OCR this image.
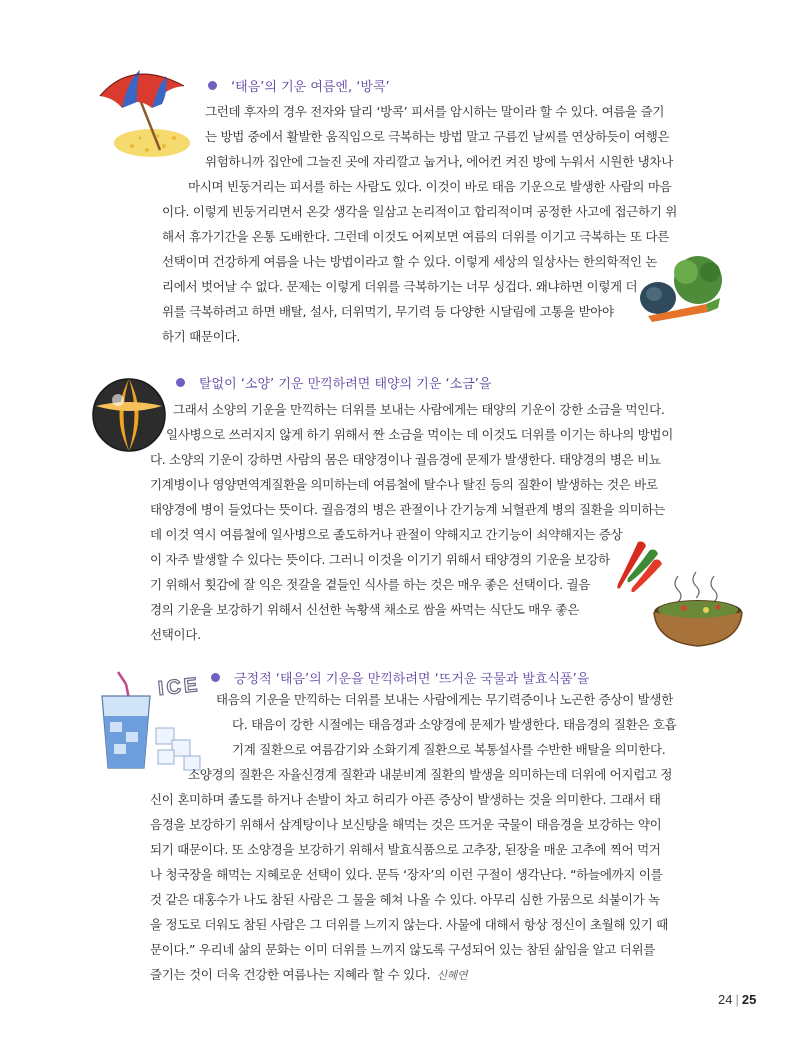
‘태음’의 기운 여름엔, ‘방콕’
그런데 후자의 경우 전자와 달리 ‘방콕’ 피서를 암시하는 말이라 할 수 있다. 여름을 즐기
는 방법 중에서 활발한 움직임으로 극복하는 방법 말고 구름낀 날씨를 연상하듯이 여행은
위험하니까 집안에 그늘진 곳에 자리깔고 눕거나, 에어컨 켜진 방에 누워서 시원한 냉차나
마시며 빈둥거리는 피서를 하는 사람도 있다. 이것이 바로 태음 기운으로 발생한 사람의 마음
이다. 이렇게 빈둥거리면서 온갖 생각을 일삼고 논리적이고 합리적이며 공정한 사고에 접근하기 위
해서 휴가기간을 온통 도배한다. 그런데 이것도 어찌보면 여름의 더위를 이기고 극복하는 또 다른
선택이며 건강하게 여름을 나는 방법이라고 할 수 있다. 이렇게 세상의 일상사는 한의학적인 논
리에서 벗어날 수 없다. 문제는 이렇게 더위를 극복하기는 너무 싱겁다. 왜냐하면 이렇게 더
위를 극복하려고 하면 배탈, 설사, 더위먹기, 무기력 등 다양한 시달림에 고통을 받아야
하기 때문이다.
탈없이 ‘소양’ 기운 만끽하려면 태양의 기운 ‘소금’을
그래서 소양의 기운을 만끽하는 더위를 보내는 사람에게는 태양의 기운이 강한 소금을 먹인다.
일사병으로 쓰러지지 않게 하기 위해서 짠 소금을 먹이는 데 이것도 더위를 이기는 하나의 방법이
다. 소양의 기운이 강하면 사람의 몸은 태양경이나 궐음경에 문제가 발생한다. 태양경의 병은 비뇨
기계병이나 영양면역계질환을 의미하는데 여름철에 탈수나 탈진 등의 질환이 발생하는 것은 바로
태양경에 병이 들었다는 뜻이다. 궐음경의 병은 관절이나 간기능계 뇌혈관계 병의 질환을 의미하는
데 이것 역시 여름철에 일사병으로 졸도하거나 관절이 약해지고 간기능이 쇠약해지는 증상
이 자주 발생할 수 있다는 뜻이다. 그러니 이것을 이기기 위해서 태양경의 기운을 보강하
기 위해서 횟감에 잘 익은 젓갈을 곁들인 식사를 하는 것은 매우 좋은 선택이다. 궐음
경의 기운을 보강하기 위해서 신선한 녹황색 채소로 쌈을 싸먹는 식단도 매우 좋은
선택이다.
ICE	긍정적 ‘태음’의 기운을 만끽하려면 ‘뜨거운 국물과 발효식품’을
태음의 기운을 만끽하는 더위를 보내는 사람에게는 무기력증이나 노곤한 증상이 발생한
다. 태음이 강한 시절에는 태음경과 소양경에 문제가 발생한다. 태음경의 질환은 호흡
기계 질환으로 여름감기와 소화기계 질환으로 복통설사를 수반한 배탈을 의미한다.
소양경의 질환은 자율신경계 질환과 내분비계 질환의 발생을 의미하는데 더위에 어지럽고 정
신이 혼미하며 졸도를 하거나 손발이 차고 허리가 아픈 증상이 발생하는 것을 의미한다. 그래서 태
음경을 보강하기 위해서 삼계탕이나 보신탕을 해먹는 것은 뜨거운 국물이 태음경을 보강하는 약이
되기 때문이다. 또 소양경을 보강하기 위해서 발효식품으로 고추장, 된장을 매운 고추에 찍어 먹거
나 청국장을 해먹는 지혜로운 선택이 있다. 문득 ‘장자’의 이런 구절이 생각난다. “하늘에까지 이를
것 같은 대홍수가 나도 참된 사람은 그 물을 헤쳐 나올 수 있다. 아무리 심한 가뭄으로 쇠붙이가 녹
을 정도로 더워도 참된 사람은 그 더위를 느끼지 않는다. 사물에 대해서 항상 정신이 초월해 있기 때
문이다.” 우리네 삶의 문화는 이미 더위를 느끼지 않도록 구성되어 있는 참된 삶임을 알고 더위를
즐기는 것이 더욱 건강한 여름나는 지혜라 할 수 있다. 신혜연
24 | 25
